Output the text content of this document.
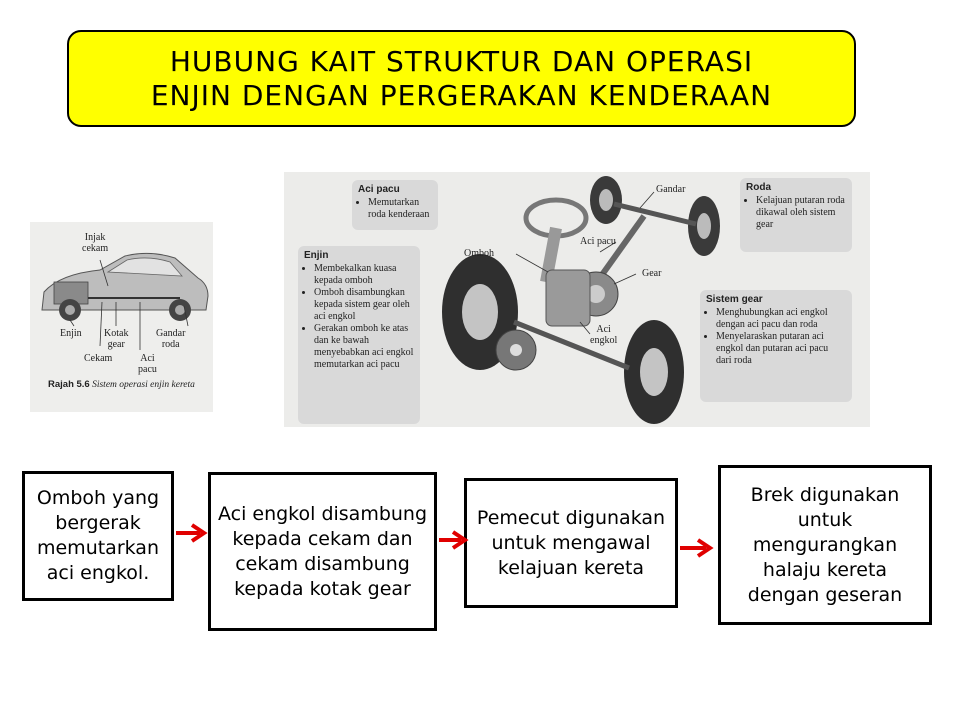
HUBUNG KAIT STRUKTUR DAN OPERASI
ENJIN DENGAN PERGERAKAN KENDERAAN
Injak
cekam
Enjin Kotak
gear
Gandar
roda
Cekam	Aci
pacu
Rajah 5.6 Sistem operasi enjin kereta
Aci pacu
• Memutarkan roda kenderaan
Enjin
• Membekalkan kuasa kepada omboh
• Omboh disambungkan kepada sistem gear oleh aci engkol
• Gerakan omboh ke atas dan ke bawah menyebabkan aci engkol memutarkan aci pacu
Roda
• Kelajuan putaran roda dikawal oleh sistem gear
Sistem gear
• Menghubungkan aci engkol dengan aci pacu dan roda
• Menyelaraskan putaran aci engkol dan putaran aci pacu dari roda
Gandar
Aci pacu
Omboh
Gear
Aci
engkol
Omboh yang bergerak memutarkan aci engkol.
Aci engkol disambung kepada cekam dan cekam disambung kepada kotak gear
Pemecut digunakan untuk mengawal kelajuan kereta
Brek digunakan untuk mengurangkan halaju kereta dengan geseran
